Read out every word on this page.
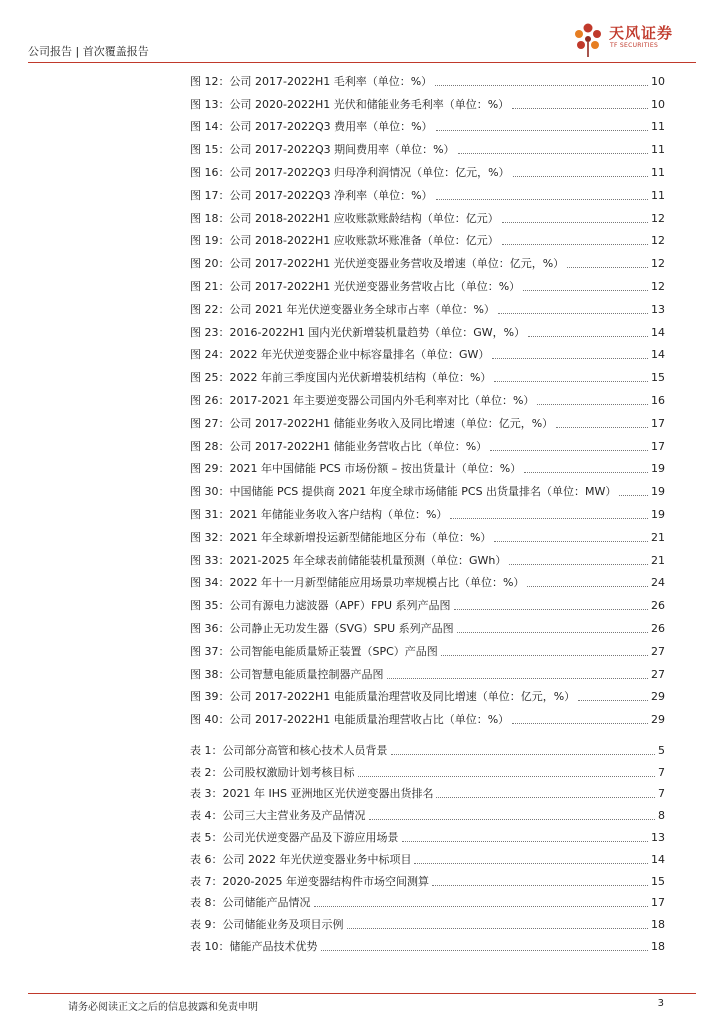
公司报告 | 首次覆盖报告
天风证券
TF SECURITIES
图 12：公司 2017-2022H1 毛利率（单位：%）	10
图 13：公司 2020-2022H1 光伏和储能业务毛利率（单位：%）	10
图 14：公司 2017-2022Q3 费用率（单位：%）	11
图 15：公司 2017-2022Q3 期间费用率（单位：%）	11
图 16：公司 2017-2022Q3 归母净利润情况（单位：亿元，%）	11
图 17：公司 2017-2022Q3 净利率（单位：%）	11
图 18：公司 2018-2022H1 应收账款账龄结构（单位：亿元）	12
图 19：公司 2018-2022H1 应收账款坏账准备（单位：亿元）	12
图 20：公司 2017-2022H1 光伏逆变器业务营收及增速（单位：亿元，%）	12
图 21：公司 2017-2022H1 光伏逆变器业务营收占比（单位：%）	12
图 22：公司 2021 年光伏逆变器业务全球市占率（单位：%）	13
图 23：2016-2022H1 国内光伏新增装机量趋势（单位：GW，%）	14
图 24：2022 年光伏逆变器企业中标容量排名（单位：GW）	14
图 25：2022 年前三季度国内光伏新增装机结构（单位：%）	15
图 26：2017-2021 年主要逆变器公司国内外毛利率对比（单位：%）	16
图 27：公司 2017-2022H1 储能业务收入及同比增速（单位：亿元，%）	17
图 28：公司 2017-2022H1 储能业务营收占比（单位：%）	17
图 29：2021 年中国储能 PCS 市场份额 – 按出货量计（单位：%）	19
图 30：中国储能 PCS 提供商 2021 年度全球市场储能 PCS 出货量排名（单位：MW）	19
图 31：2021 年储能业务收入客户结构（单位：%）	19
图 32：2021 年全球新增投运新型储能地区分布（单位：%）	21
图 33：2021-2025 年全球表前储能装机量预测（单位：GWh）	21
图 34：2022 年十一月新型储能应用场景功率规模占比（单位：%）	24
图 35：公司有源电力滤波器（APF）FPU 系列产品图	26
图 36：公司静止无功发生器（SVG）SPU 系列产品图	26
图 37：公司智能电能质量矫正装置（SPC）产品图	27
图 38：公司智慧电能质量控制器产品图	27
图 39：公司 2017-2022H1 电能质量治理营收及同比增速（单位：亿元，%）	29
图 40：公司 2017-2022H1 电能质量治理营收占比（单位：%）	29
表 1：公司部分高管和核心技术人员背景	5
表 2：公司股权激励计划考核目标	7
表 3：2021 年 IHS 亚洲地区光伏逆变器出货排名	7
表 4：公司三大主营业务及产品情况	8
表 5：公司光伏逆变器产品及下游应用场景	13
表 6：公司 2022 年光伏逆变器业务中标项目	14
表 7：2020-2025 年逆变器结构件市场空间测算	15
表 8：公司储能产品情况	17
表 9：公司储能业务及项目示例	18
表 10：储能产品技术优势	18
请务必阅读正文之后的信息披露和免责申明	3
